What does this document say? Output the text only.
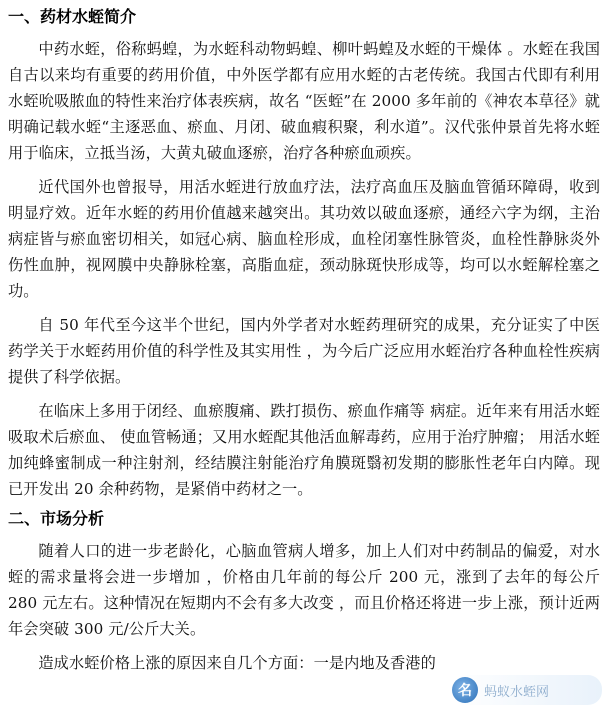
一、药材水蛭简介

中药水蛭，俗称蚂蝗，为水蛭科动物蚂蝗、柳叶蚂蝗及水蛭的干燥体 。水蛭在我国自古以来均有重要的药用价值，中外医学都有应用水蛭的古老传统。我国古代即有利用水蛭吮吸脓血的特性来治疗体表疾病，故名 “医蛭”在 2000 多年前的《神农本草径》就明确记载水蛭“主逐恶血、瘀血、月闭、破血瘕积聚，利水道”。汉代张仲景首先将水蛭用于临床，立抵当汤，大黄丸破血逐瘀，治疗各种瘀血顽疾。

近代国外也曾报导，用活水蛭进行放血疗法，法疗高血压及脑血管循环障碍，收到明显疗效。近年水蛭的药用价值越来越突出。其功效以破血逐瘀，通经六字为纲，主治病症皆与瘀血密切相关，如冠心病、脑血栓形成，血栓闭塞性脉管炎，血栓性静脉炎外伤性血肿，视网膜中央静脉栓塞，高脂血症，颈动脉斑快形成等，均可以水蛭解栓塞之功。

自 50 年代至今这半个世纪，国内外学者对水蛭药理研究的成果，充分证实了中医药学关于水蛭药用价值的科学性及其实用性 ，为今后广泛应用水蛭治疗各种血栓性疾病提供了科学依据。

在临床上多用于闭经、血瘀腹痛、跌打损伤、瘀血作痛等 病症。近年来有用活水蛭吸取术后瘀血、 使血管畅通；又用水蛭配其他活血解毒药，应用于治疗肿瘤； 用活水蛭加纯蜂蜜制成一种注射剂，经结膜注射能治疗角膜斑翳初发期的膨胀性老年白内障。现已开发出 20 余种药物，是紧俏中药材之一。

二、市场分析

随着人口的进一步老龄化，心脑血管病人增多，加上人们对中药制品的偏爱，对水蛭的需求量将会进一步增加 ，价格由几年前的每公斤 200 元，涨到了去年的每公斤 280 元左右。这种情况在短期内不会有多大改变 ，而且价格还将进一步上涨，预计近两年会突破 300 元/公斤大关。

造成水蛭价格上涨的原因来自几个方面：一是内地及香港的

名 蚂蚁水蛭网
